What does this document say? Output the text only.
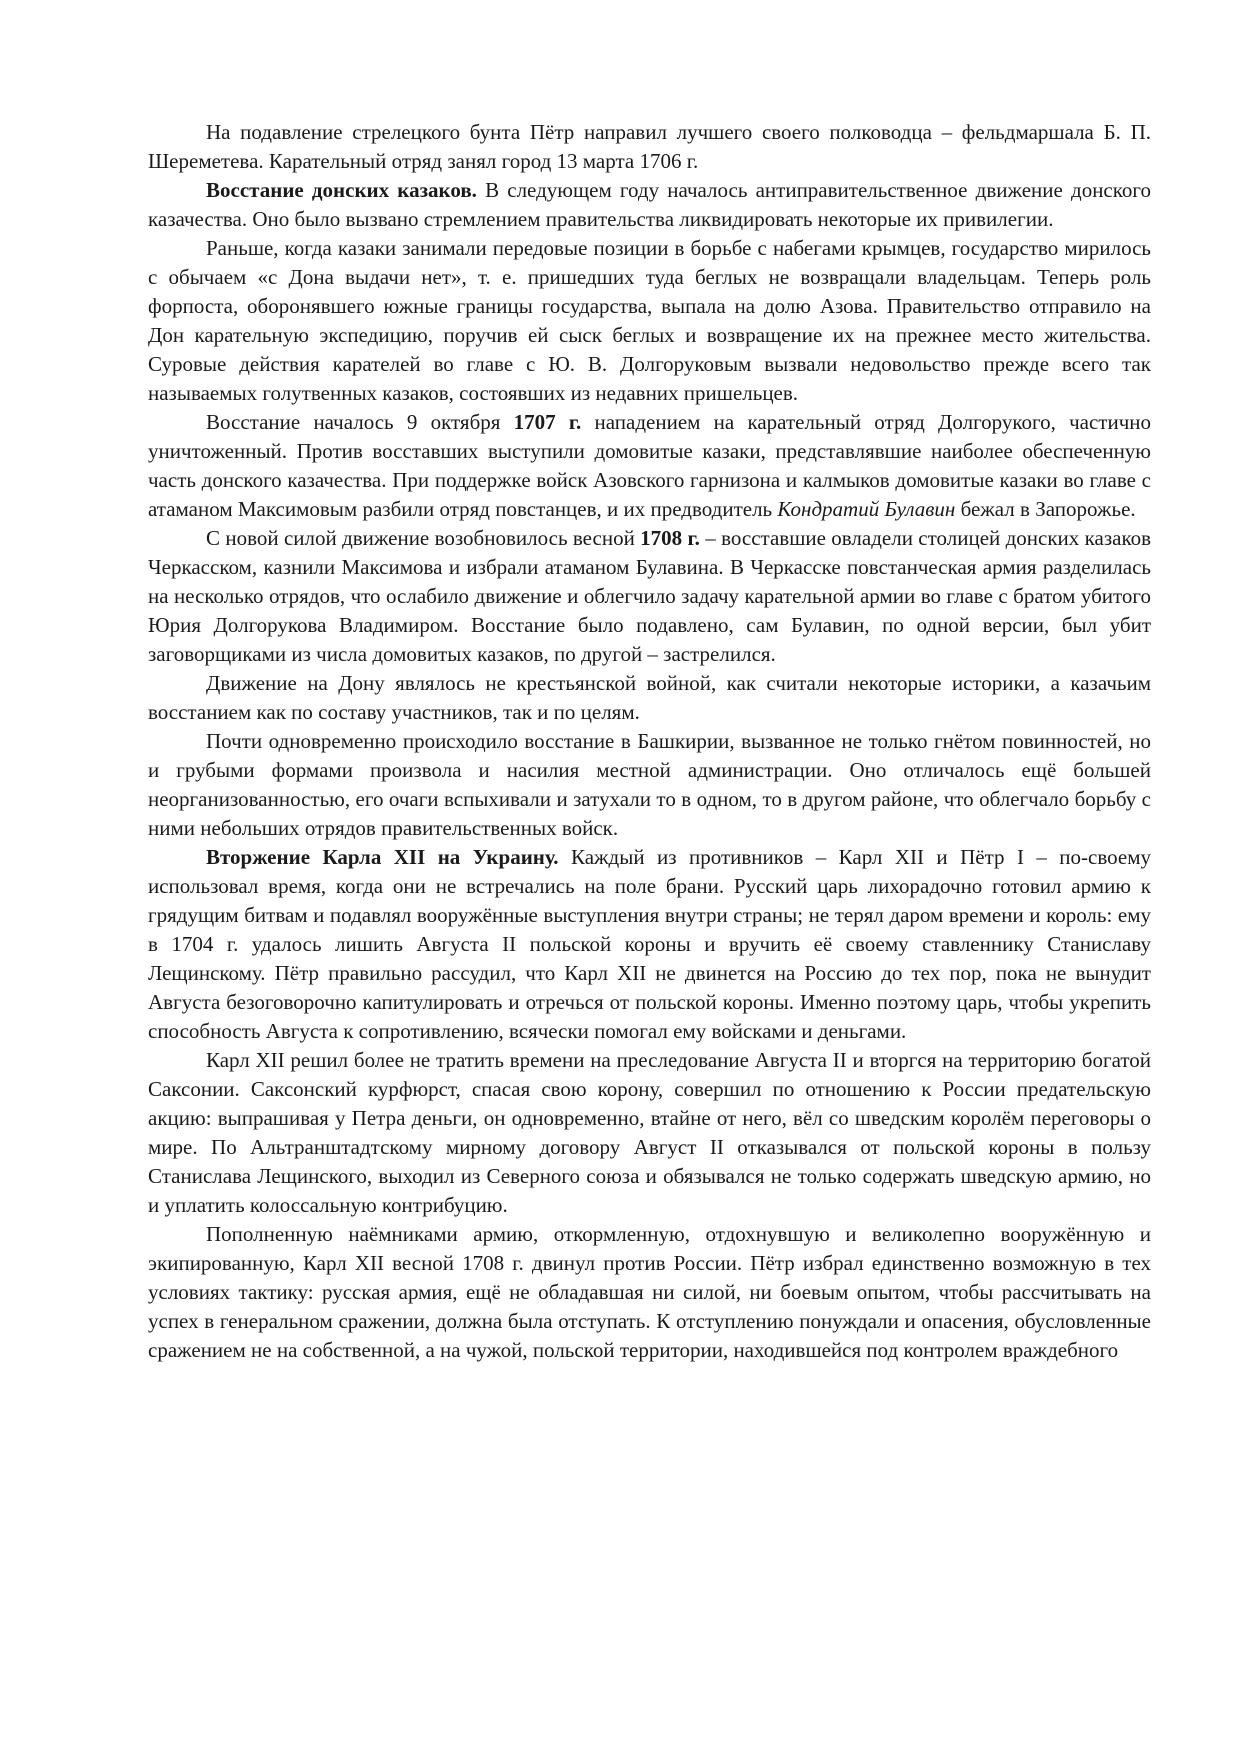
На подавление стрелецкого бунта Пётр направил лучшего своего полководца – фельдмаршала Б. П. Шереметева. Карательный отряд занял город 13 марта 1706 г.

Восстание донских казаков. В следующем году началось антиправительственное движение донского казачества. Оно было вызвано стремлением правительства ликвидировать некоторые их привилегии.

Раньше, когда казаки занимали передовые позиции в борьбе с набегами крымцев, государство мирилось с обычаем «с Дона выдачи нет», т. е. пришедших туда беглых не возвращали владельцам. Теперь роль форпоста, оборонявшего южные границы государства, выпала на долю Азова. Правительство отправило на Дон карательную экспедицию, поручив ей сыск беглых и возвращение их на прежнее место жительства. Суровые действия карателей во главе с Ю. В. Долгоруковым вызвали недовольство прежде всего так называемых голутвенных казаков, состоявших из недавних пришельцев.

Восстание началось 9 октября 1707 г. нападением на карательный отряд Долгорукого, частично уничтоженный. Против восставших выступили домовитые казаки, представлявшие наиболее обеспеченную часть донского казачества. При поддержке войск Азовского гарнизона и калмыков домовитые казаки во главе с атаманом Максимовым разбили отряд повстанцев, и их предводитель Кондратий Булавин бежал в Запорожье.

С новой силой движение возобновилось весной 1708 г. – восставшие овладели столицей донских казаков Черкасском, казнили Максимова и избрали атаманом Булавина. В Черкасске повстанческая армия разделилась на несколько отрядов, что ослабило движение и облегчило задачу карательной армии во главе с братом убитого Юрия Долгорукова Владимиром. Восстание было подавлено, сам Булавин, по одной версии, был убит заговорщиками из числа домовитых казаков, по другой – застрелился.

Движение на Дону являлось не крестьянской войной, как считали некоторые историки, а казачьим восстанием как по составу участников, так и по целям.

Почти одновременно происходило восстание в Башкирии, вызванное не только гнётом повинностей, но и грубыми формами произвола и насилия местной администрации. Оно отличалось ещё большей неорганизованностью, его очаги вспыхивали и затухали то в одном, то в другом районе, что облегчало борьбу с ними небольших отрядов правительственных войск.

Вторжение Карла XII на Украину. Каждый из противников – Карл XII и Пётр I – по-своему использовал время, когда они не встречались на поле брани. Русский царь лихорадочно готовил армию к грядущим битвам и подавлял вооружённые выступления внутри страны; не терял даром времени и король: ему в 1704 г. удалось лишить Августа II польской короны и вручить её своему ставленнику Станиславу Лещинскому. Пётр правильно рассудил, что Карл XII не двинется на Россию до тех пор, пока не вынудит Августа безоговорочно капитулировать и отречься от польской короны. Именно поэтому царь, чтобы укрепить способность Августа к сопротивлению, всячески помогал ему войсками и деньгами.

Карл XII решил более не тратить времени на преследование Августа II и вторгся на территорию богатой Саксонии. Саксонский курфюрст, спасая свою корону, совершил по отношению к России предательскую акцию: выпрашивая у Петра деньги, он одновременно, втайне от него, вёл со шведским королём переговоры о мире. По Альтранштадтскому мирному договору Август II отказывался от польской короны в пользу Станислава Лещинского, выходил из Северного союза и обязывался не только содержать шведскую армию, но и уплатить колоссальную контрибуцию.

Пополненную наёмниками армию, откормленную, отдохнувшую и великолепно вооружённую и экипированную, Карл XII весной 1708 г. двинул против России. Пётр избрал единственно возможную в тех условиях тактику: русская армия, ещё не обладавшая ни силой, ни боевым опытом, чтобы рассчитывать на успех в генеральном сражении, должна была отступать. К отступлению понуждали и опасения, обусловленные сражением не на собственной, а на чужой, польской территории, находившейся под контролем враждебного
